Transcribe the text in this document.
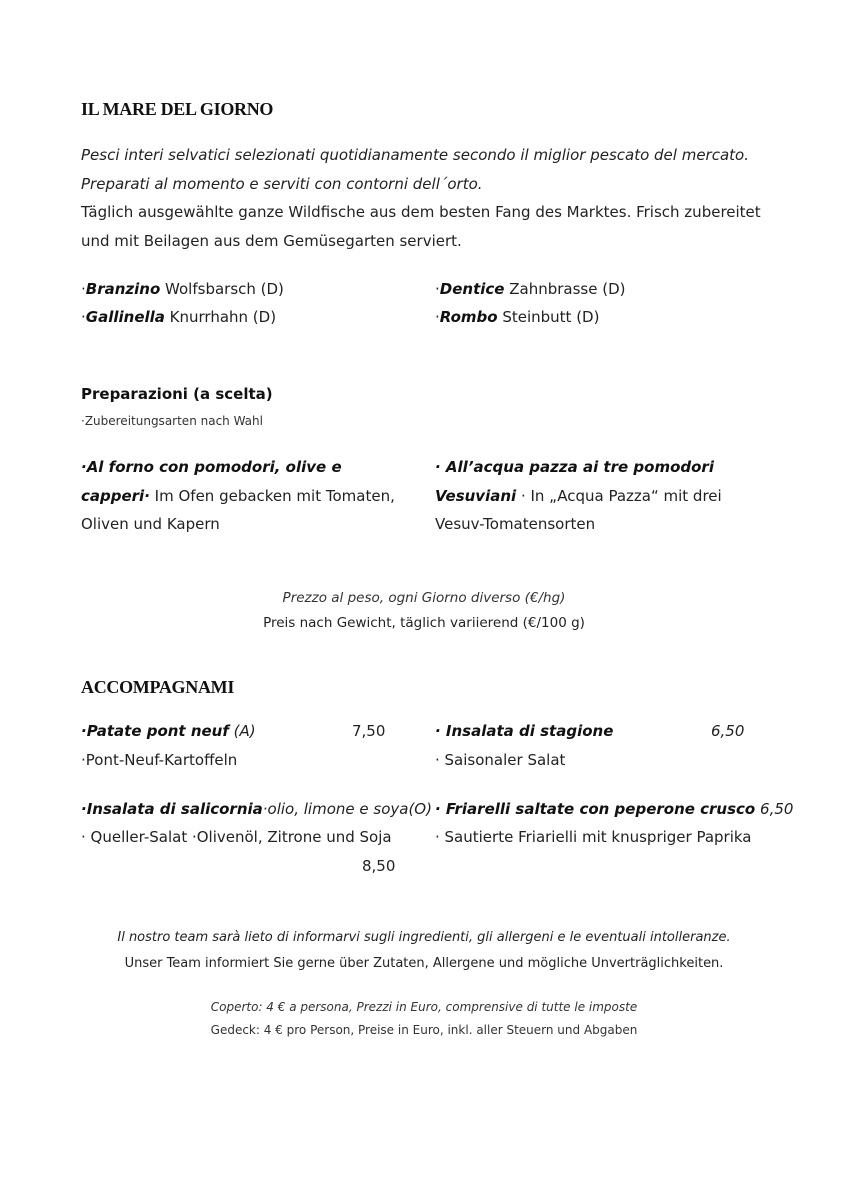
IL MARE DEL GIORNO
Pesci interi selvatici selezionati quotidianamente secondo il miglior pescato del mercato.
Preparati al momento e serviti con contorni dell´orto.
Täglich ausgewählte ganze Wildfische aus dem besten Fang des Marktes. Frisch zubereitet
und mit Beilagen aus dem Gemüsegarten serviert.
·Branzino Wolfsbarsch (D)	·Dentice Zahnbrasse (D)
·Gallinella Knurrhahn (D)	·Rombo Steinbutt (D)
Preparazioni (a scelta)
·Zubereitungsarten nach Wahl
·Al forno con pomodori, olive e
capperi· Im Ofen gebacken mit Tomaten,
Oliven und Kapern
· All’acqua pazza ai tre pomodori
Vesuviani · In „Acqua Pazza“ mit drei
Vesuv-Tomatensorten
Prezzo al peso, ogni Giorno diverso (€/hg)
Preis nach Gewicht, täglich variierend (€/100 g)
ACCOMPAGNAMI
·Patate pont neuf (A)	7,50
·Pont-Neuf-Kartoffeln
· Insalata di stagione	6,50
· Saisonaler Salat
·Insalata di salicornia·olio, limone e soya(O)
· Queller-Salat ·Olivenöl, Zitrone und Soja
8,50
· Friarelli saltate con peperone crusco 6,50
· Sautierte Friarielli mit knuspriger Paprika
Il nostro team sarà lieto di informarvi sugli ingredienti, gli allergeni e le eventuali intolleranze.
Unser Team informiert Sie gerne über Zutaten, Allergene und mögliche Unverträglichkeiten.
Coperto: 4 € a persona, Prezzi in Euro, comprensive di tutte le imposte
Gedeck: 4 € pro Person, Preise in Euro, inkl. aller Steuern und Abgaben
